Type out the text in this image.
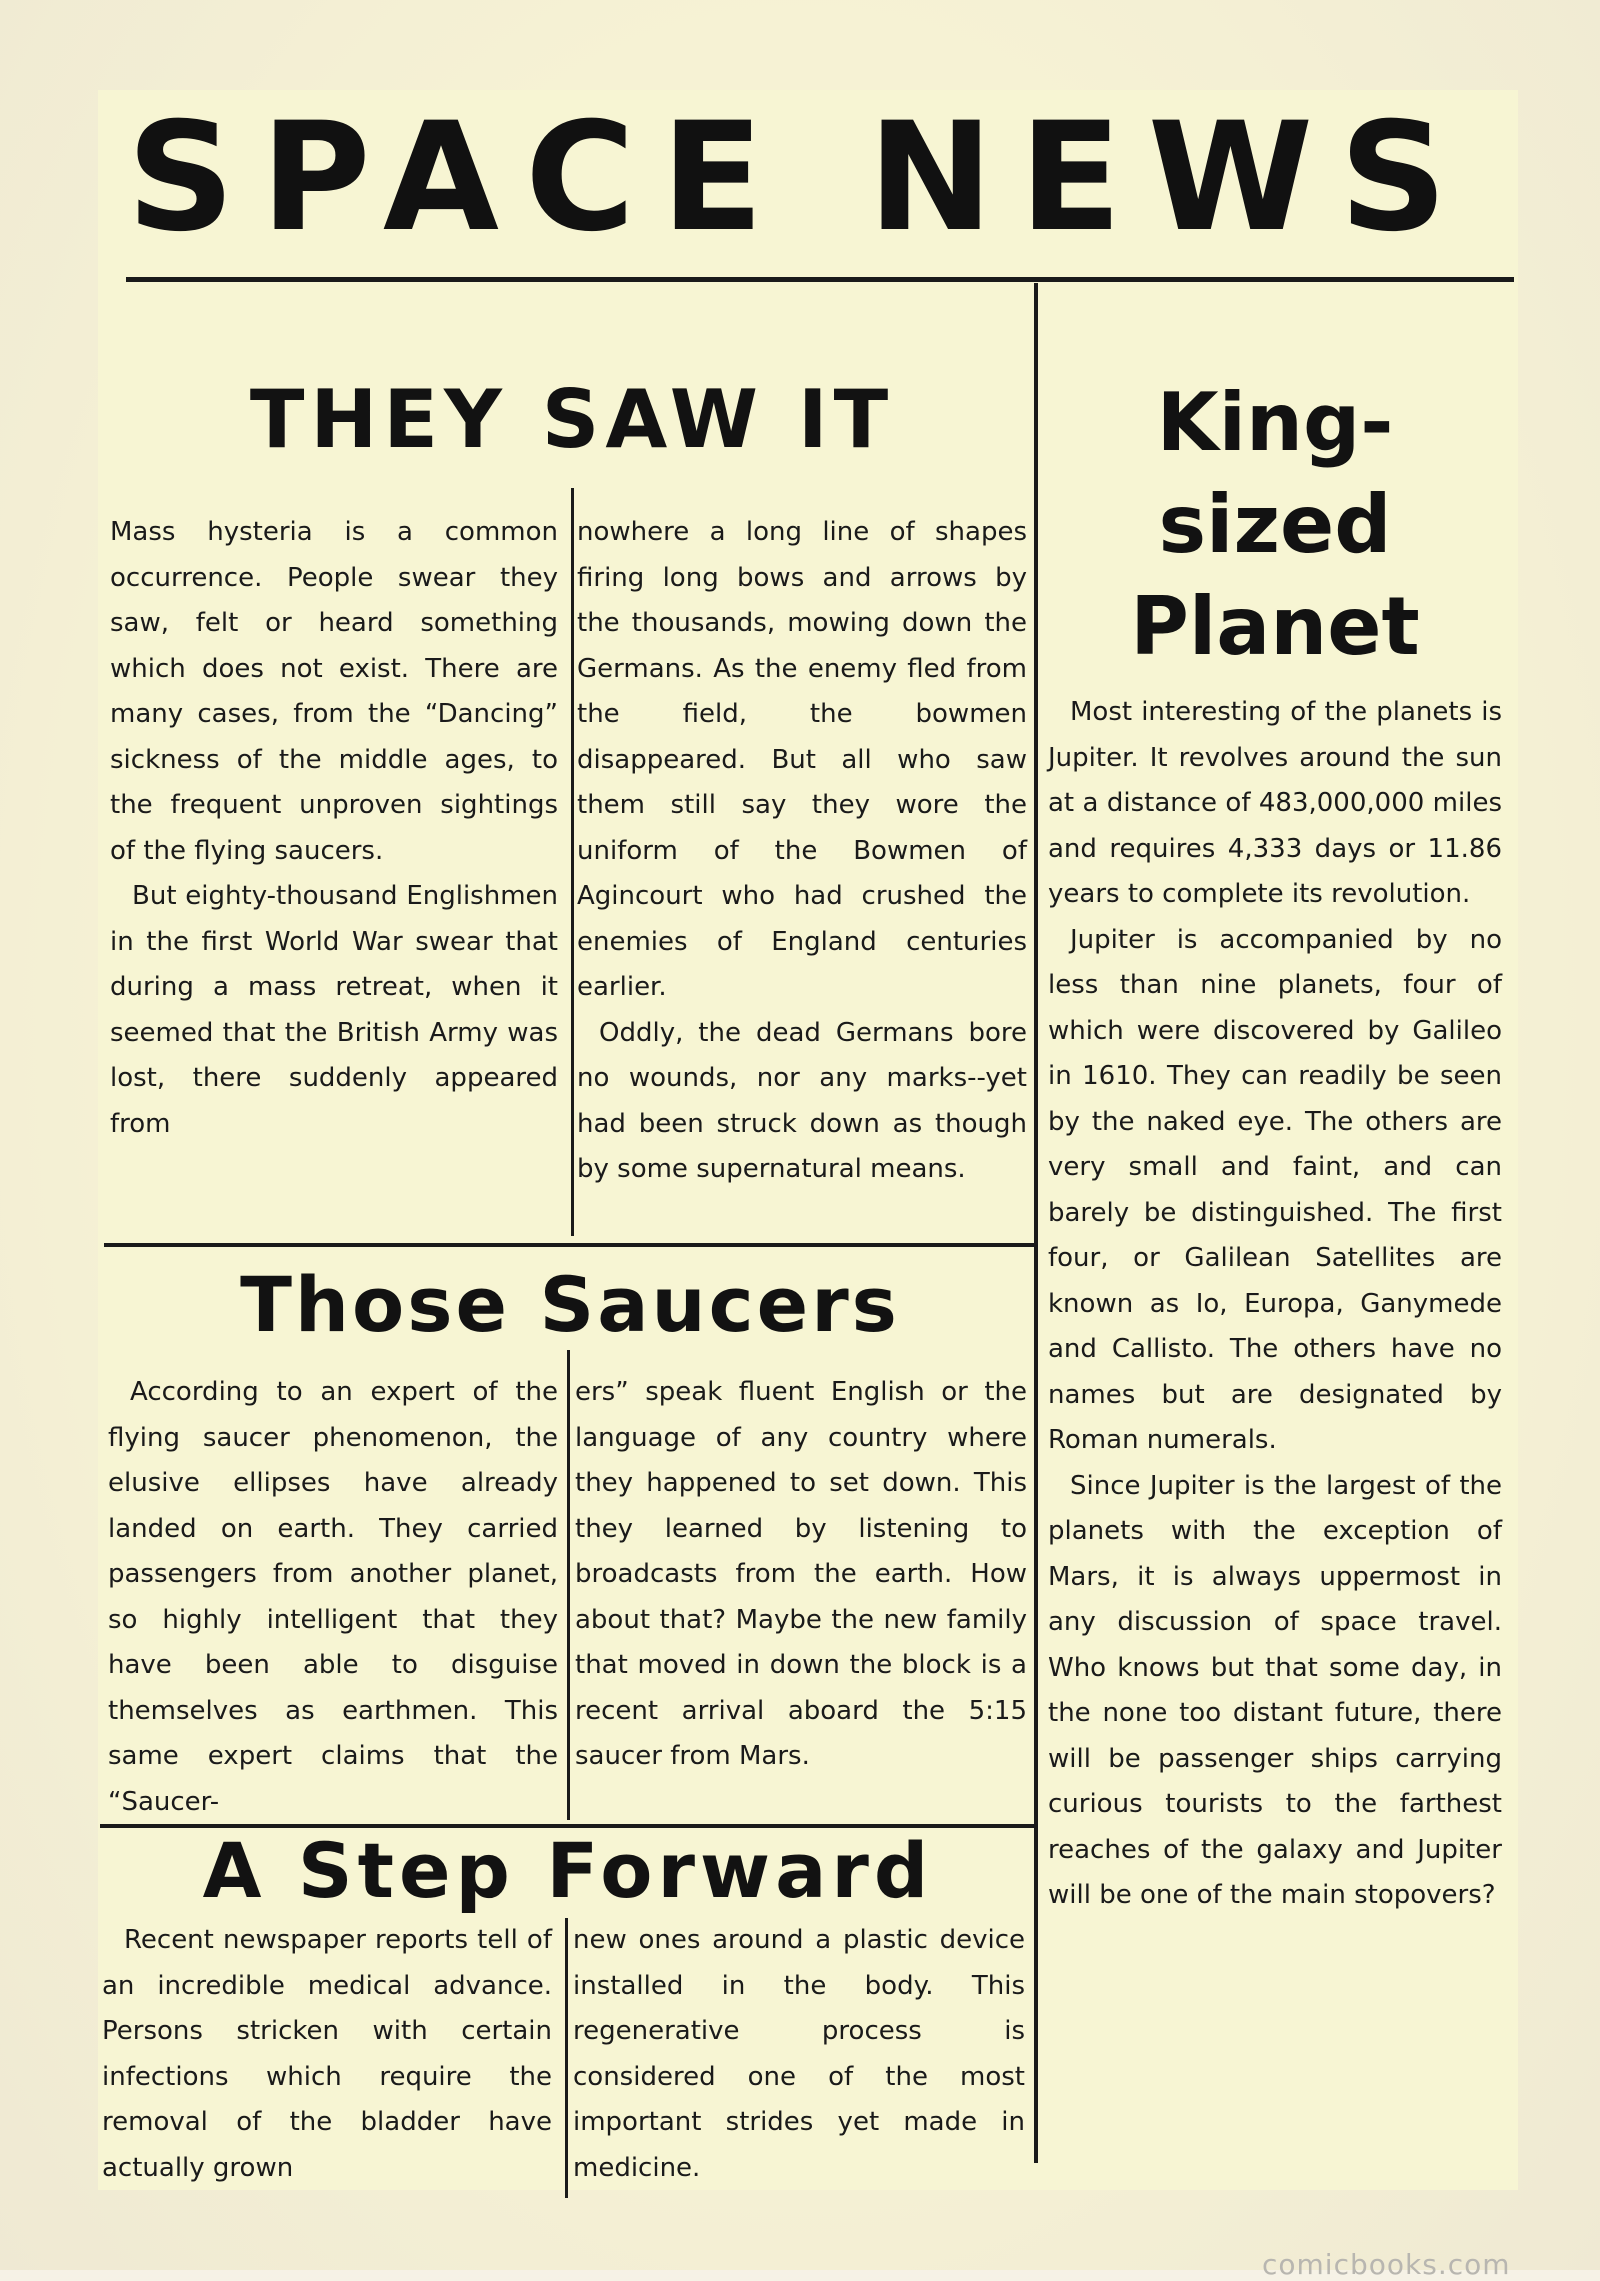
SPACE NEWS
THEY SAW IT

Mass hysteria is a common occurrence. People swear they saw, felt or heard something which does not exist. There are many cases, from the “Dancing” sickness of the middle ages, to the frequent unproven sightings of the flying saucers.

But eighty-thousand Englishmen in the first World War swear that during a mass retreat, when it seemed that the British Army was lost, there suddenly appeared from

nowhere a long line of shapes firing long bows and arrows by the thousands, mowing down the Germans. As the enemy fled from the field, the bowmen disappeared. But all who saw them still say they wore the uniform of the Bowmen of Agincourt who had crushed the enemies of England centuries earlier.

Oddly, the dead Germans bore no wounds, nor any marks--yet had been struck down as though by some supernatural means.

Those Saucers

According to an expert of the flying saucer phenomenon, the elusive ellipses have already landed on earth. They carried passengers from another planet, so highly intelligent that they have been able to disguise themselves as earthmen. This same expert claims that the “Saucer-

ers” speak fluent English or the language of any country where they happened to set down. This they learned by listening to broadcasts from the earth. How about that? Maybe the new family that moved in down the block is a recent arrival aboard the 5:15 saucer from Mars.

A Step Forward

Recent newspaper reports tell of an incredible medical advance. Persons stricken with certain infections which require the removal of the bladder have actually grown

new ones around a plastic device installed in the body. This regenerative process is considered one of the most important strides yet made in medicine.

King-
sized
Planet

Most interesting of the planets is Jupiter. It revolves around the sun at a distance of 483,000,000 miles and requires 4,333 days or 11.86 years to complete its revolution.

Jupiter is accompanied by no less than nine planets, four of which were discovered by Galileo in 1610. They can readily be seen by the naked eye. The others are very small and faint, and can barely be distinguished. The first four, or Galilean Satellites are known as Io, Europa, Ganymede and Callisto. The others have no names but are designated by Roman numerals.

Since Jupiter is the largest of the planets with the exception of Mars, it is always uppermost in any discussion of space travel. Who knows but that some day, in the none too distant future, there will be passenger ships carrying curious tourists to the farthest reaches of the galaxy and Jupiter will be one of the main stopovers?

comicbooks.com
